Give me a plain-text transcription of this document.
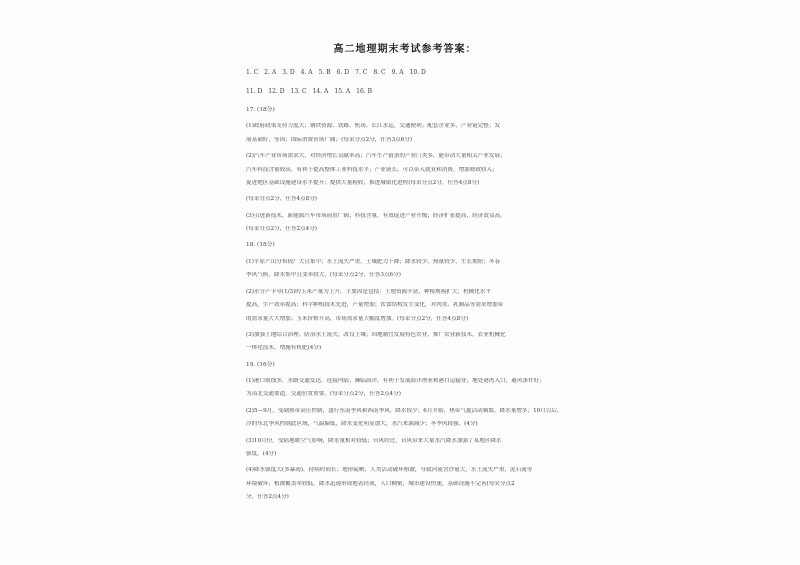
高二地理期末考试参考答案：
1. C 2. A 3. D 4. A 5. B 6. D 7. C 8. C 9. A 10. D
11. D 12. D 13. C 14. A 15. A 16. B
17. (18分)
(1)政府政策支持力度大；钢铁资源、铁路、机场、长江水运，交通便利；配套企业多，产业链完整；发
展基础好，等因；国际消费市场广阔；(每采分点2分，任答3点6分)
(2)汽车产业市场需求大，对经济增长贡献率高；汽车生产链条的产业门类多，能带动大量相关产业发展；
汽车科技含量较高，有利于提高整体工业科技水平；产业链长，可以带入就业和消费，增加财政收入；
促进地区基础设施建设水平提升；提供大量税收，推进城镇化进程(每采分点2分，任答4点8分)
(每采分点2分，任答4点8分)
(3)引进新技术，新能源汽车市场前景广阔；科技含量，有效促进产业升级；经济扩张提高，经济效益高。
(每采分点2分，任答2点4分)
18. (18分)
(1)平原产出分布较广大且集中；水土流失严重，土壤肥力下降；降水较少，热量较少，生长期短；冬春
季风气候，降水集中且变率较大。(每采分点2分，任答3点6分)
(2)水分产卡导(1/3)的玉米产量为上升，主要因是包括：土地资源丰富，种植规模扩大；机械化水平
提高，生产效率提高；科学种植技术先进，产量增加；饮食结构发生变化，对肉类、乳制品等需求增加带
的需求量大大增加；玉米价格升高，市场需求量大幅度增加。(每采分点2分，任答4点8分)
(3)加强土地综合治理，防治水土流失，改良土壤；因地制宜发展特色农业，推广农业新技术，农业机械化
一体化技术，增施有机肥(4分)
19. (16分)
(1)港口航线多，水路交通发达，连接内陆；濒临海洋，有利于发展海洋渔业和港口运输业；地处港湾入口，避风条件好；
为南北交通要道，交通位置重要。(每采分点2分，任答2点4分)
(2)5—9月，受副热带高压控制，盛行东南季风和西南季风，降水较少；6月开始，热带气旋活动频繁，降水量增多；10月以后，
冷的东北季风控制此区域，气温偏低，降水变化明显加大，水汽来源减少；冬季风较强。(4分)
(3)10月份，受陆地暖空气影响，降水量相对较低；台风经过，台风带来大量水汽降水加强了某地区降水
强度。(4分)
(4)降水强度大(多暴雨)，持续时间长；地形陡峭，人类活动破坏植被，导致河流含沙量大，水土流失严重，泥石流等
环境破坏；植被覆盖率较低，降水迅速形成地表径流，人口稠密，城市建设快速，基础设施不完善(每采分点2
分，任答2点4分)
